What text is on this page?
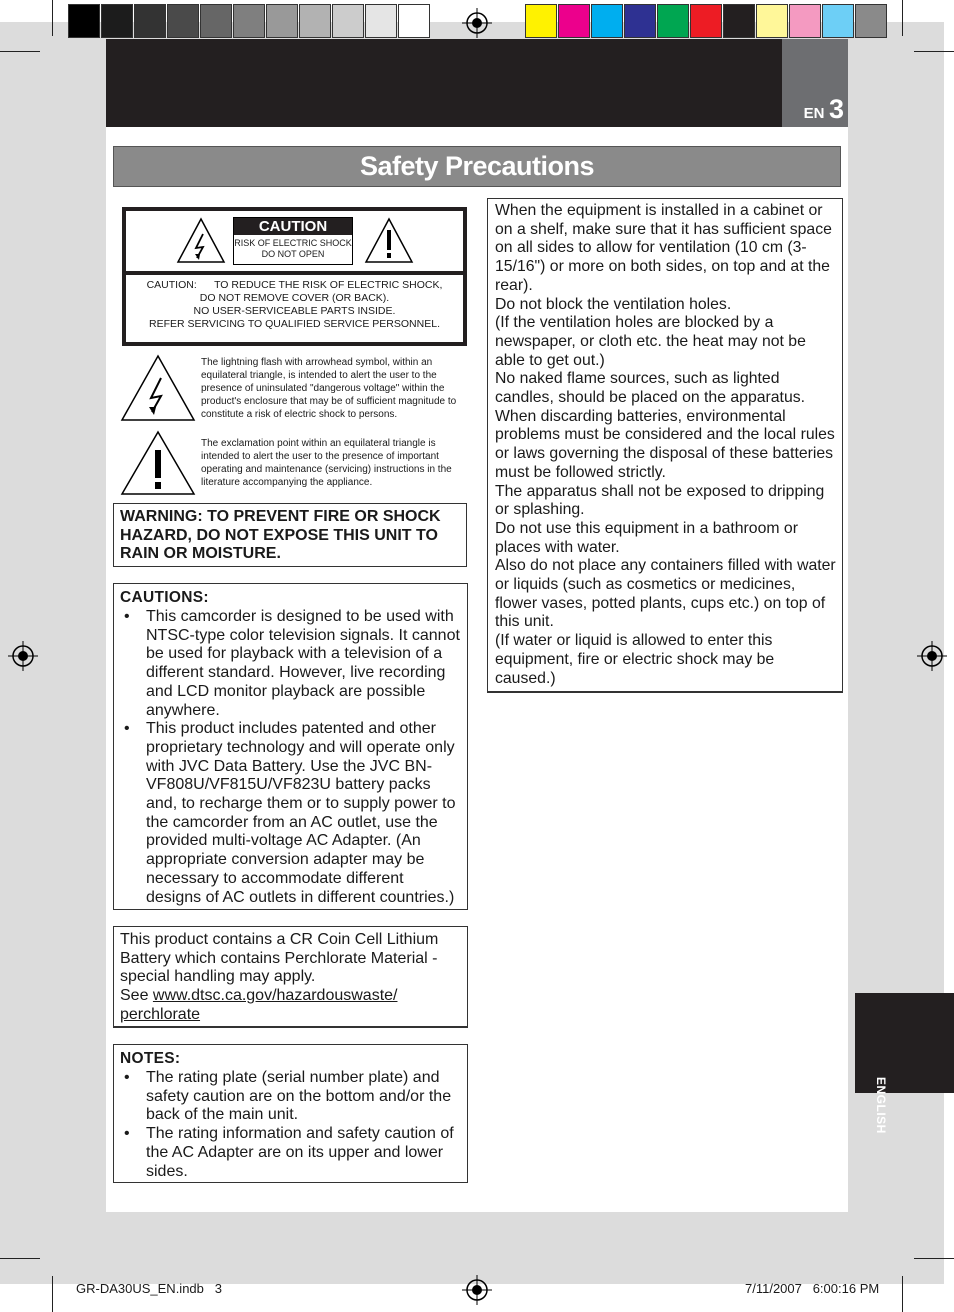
EN 3
Safety Precautions
CAUTION
RISK OF ELECTRIC SHOCK
DO NOT OPEN
CAUTION:      TO REDUCE THE RISK OF ELECTRIC SHOCK,
DO NOT REMOVE COVER (OR BACK).
NO USER-SERVICEABLE PARTS INSIDE.
REFER SERVICING TO QUALIFIED SERVICE PERSONNEL.
The lightning flash with arrowhead symbol, within an equilateral triangle, is intended to alert the user to the presence of uninsulated "dangerous voltage" within the product's enclosure that may be of sufficient magnitude to constitute a risk of electric shock to persons.
The exclamation point within an equilateral triangle is intended to alert the user to the presence of important operating and maintenance (servicing) instructions in the literature accompanying the appliance.
WARNING: TO PREVENT FIRE OR SHOCK HAZARD, DO NOT EXPOSE THIS UNIT TO RAIN OR MOISTURE.
CAUTIONS:
• This camcorder is designed to be used with NTSC-type color television signals. It cannot be used for playback with a television of a different standard. However, live recording and LCD monitor playback are possible anywhere.
• This product includes patented and other proprietary technology and will operate only with JVC Data Battery. Use the JVC BN-VF808U/VF815U/VF823U battery packs and, to recharge them or to supply power to the camcorder from an AC outlet, use the provided multi-voltage AC Adapter. (An appropriate conversion adapter may be necessary to accommodate different designs of AC outlets in different countries.)
This product contains a CR Coin Cell Lithium Battery which contains Perchlorate Material - special handling may apply.
See www.dtsc.ca.gov/hazardouswaste/ perchlorate
NOTES:
• The rating plate (serial number plate) and safety caution are on the bottom and/or the back of the main unit.
• The rating information and safety caution of the AC Adapter are on its upper and lower sides.
When the equipment is installed in a cabinet or on a shelf, make sure that it has sufficient space on all sides to allow for ventilation (10 cm (3-15/16") or more on both sides, on top and at the rear).
Do not block the ventilation holes.
(If the ventilation holes are blocked by a newspaper, or cloth etc. the heat may not be able to get out.)
No naked flame sources, such as lighted candles, should be placed on the apparatus.
When discarding batteries, environmental problems must be considered and the local rules or laws governing the disposal of these batteries must be followed strictly.
The apparatus shall not be exposed to dripping or splashing.
Do not use this equipment in a bathroom or places with water.
Also do not place any containers filled with water or liquids (such as cosmetics or medicines, flower vases, potted plants, cups etc.) on top of this unit.
(If water or liquid is allowed to enter this equipment, fire or electric shock may be caused.)
ENGLISH
GR-DA30US_EN.indb   3	7/11/2007   6:00:16 PM
